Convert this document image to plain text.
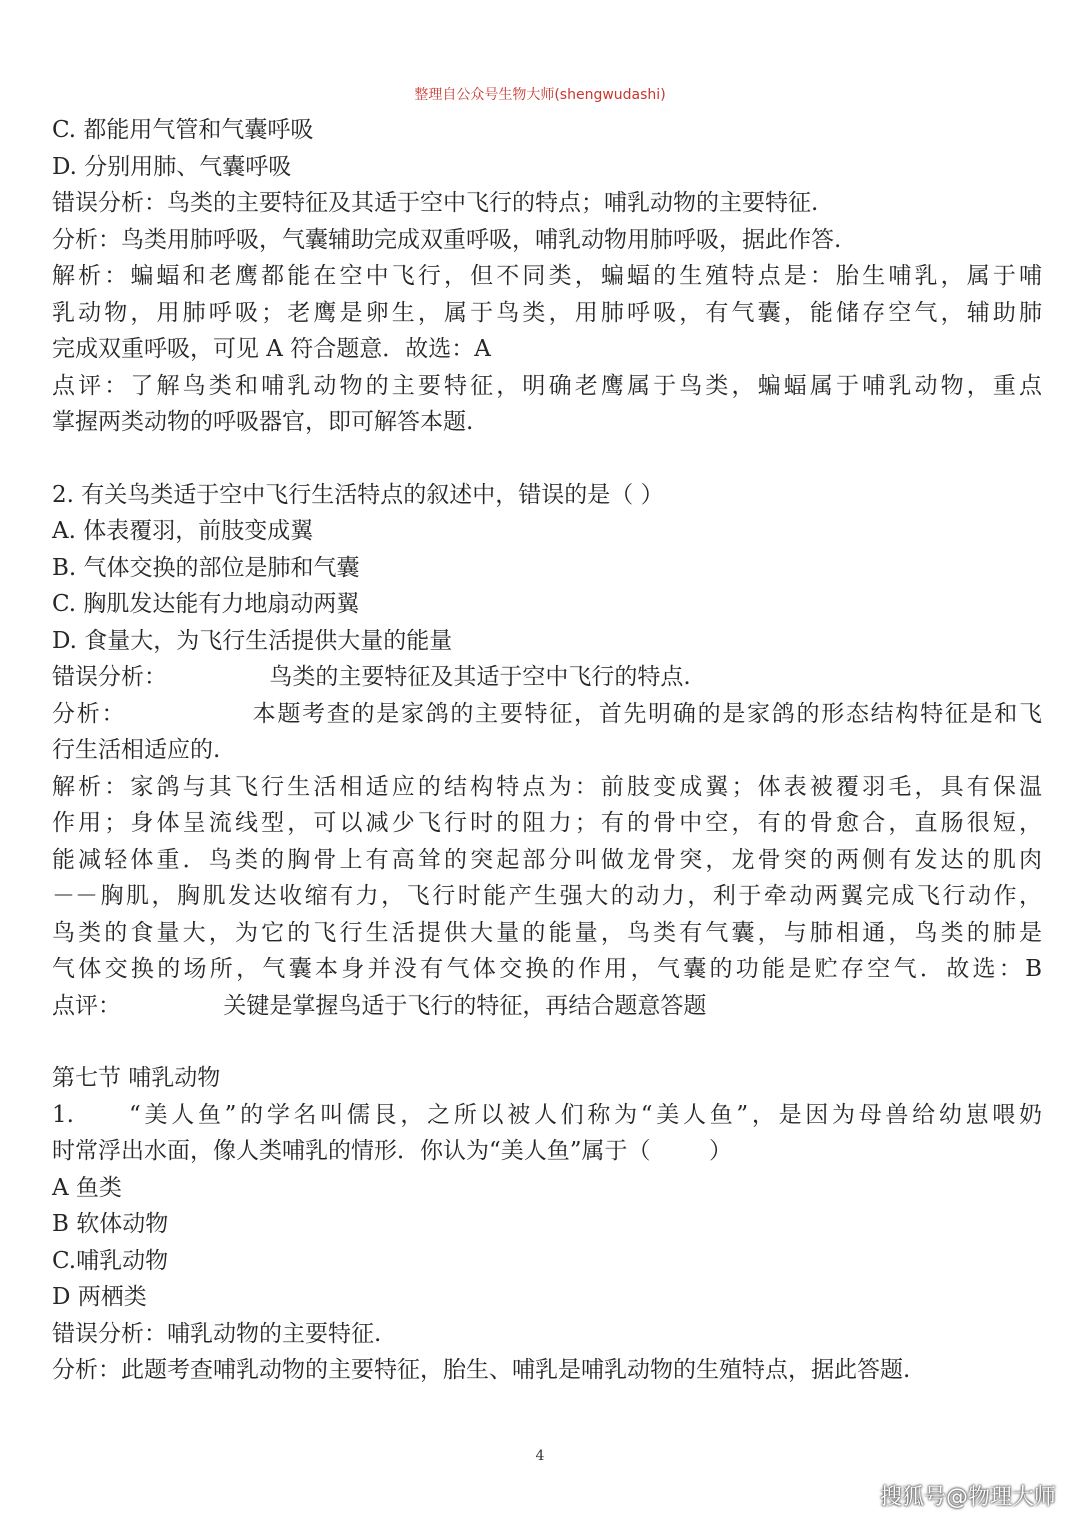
整理自公众号生物大师(shengwudashi)
C. 都能用气管和气囊呼吸
D. 分别用肺、气囊呼吸
错误分析：鸟类的主要特征及其适于空中飞行的特点；哺乳动物的主要特征.
分析：鸟类用肺呼吸，气囊辅助完成双重呼吸，哺乳动物用肺呼吸，据此作答.
解析：蝙蝠和老鹰都能在空中飞行，但不同类，蝙蝠的生殖特点是：胎生哺乳，属于哺
乳动物，用肺呼吸；老鹰是卵生，属于鸟类，用肺呼吸，有气囊，能储存空气，辅助肺
完成双重呼吸，可见 A 符合题意．故选：A
点评：了解鸟类和哺乳动物的主要特征，明确老鹰属于鸟类，蝙蝠属于哺乳动物，重点
掌握两类动物的呼吸器官，即可解答本题.
2. 有关鸟类适于空中飞行生活特点的叙述中，错误的是（ ）
A. 体表覆羽，前肢变成翼
B. 气体交换的部位是肺和气囊
C. 胸肌发达能有力地扇动两翼
D. 食量大，为飞行生活提供大量的能量
错误分析：              鸟类的主要特征及其适于空中飞行的特点.
分析：              本题考查的是家鸽的主要特征，首先明确的是家鸽的形态结构特征是和飞
行生活相适应的.
解析：家鸽与其飞行生活相适应的结构特点为：前肢变成翼；体表被覆羽毛，具有保温
作用；身体呈流线型，可以减少飞行时的阻力；有的骨中空，有的骨愈合，直肠很短，
能减轻体重．鸟类的胸骨上有高耸的突起部分叫做龙骨突，龙骨突的两侧有发达的肌肉
－－胸肌，胸肌发达收缩有力，飞行时能产生强大的动力，利于牵动两翼完成飞行动作，
鸟类的食量大，为它的飞行生活提供大量的能量，鸟类有气囊，与肺相通，鸟类的肺是
气体交换的场所，气囊本身并没有气体交换的作用，气囊的功能是贮存空气．故选：B
点评：              关键是掌握鸟适于飞行的特征，再结合题意答题
第七节 哺乳动物
1.     “美人鱼”的学名叫儒艮，之所以被人们称为“美人鱼”，是因为母兽给幼崽喂奶
时常浮出水面，像人类哺乳的情形．你认为“美人鱼”属于（        ）
A 鱼类
B 软体动物
C.哺乳动物
D 两栖类
错误分析：哺乳动物的主要特征.
分析：此题考查哺乳动物的主要特征，胎生、哺乳是哺乳动物的生殖特点，据此答题.
4
搜狐号@物理大师
